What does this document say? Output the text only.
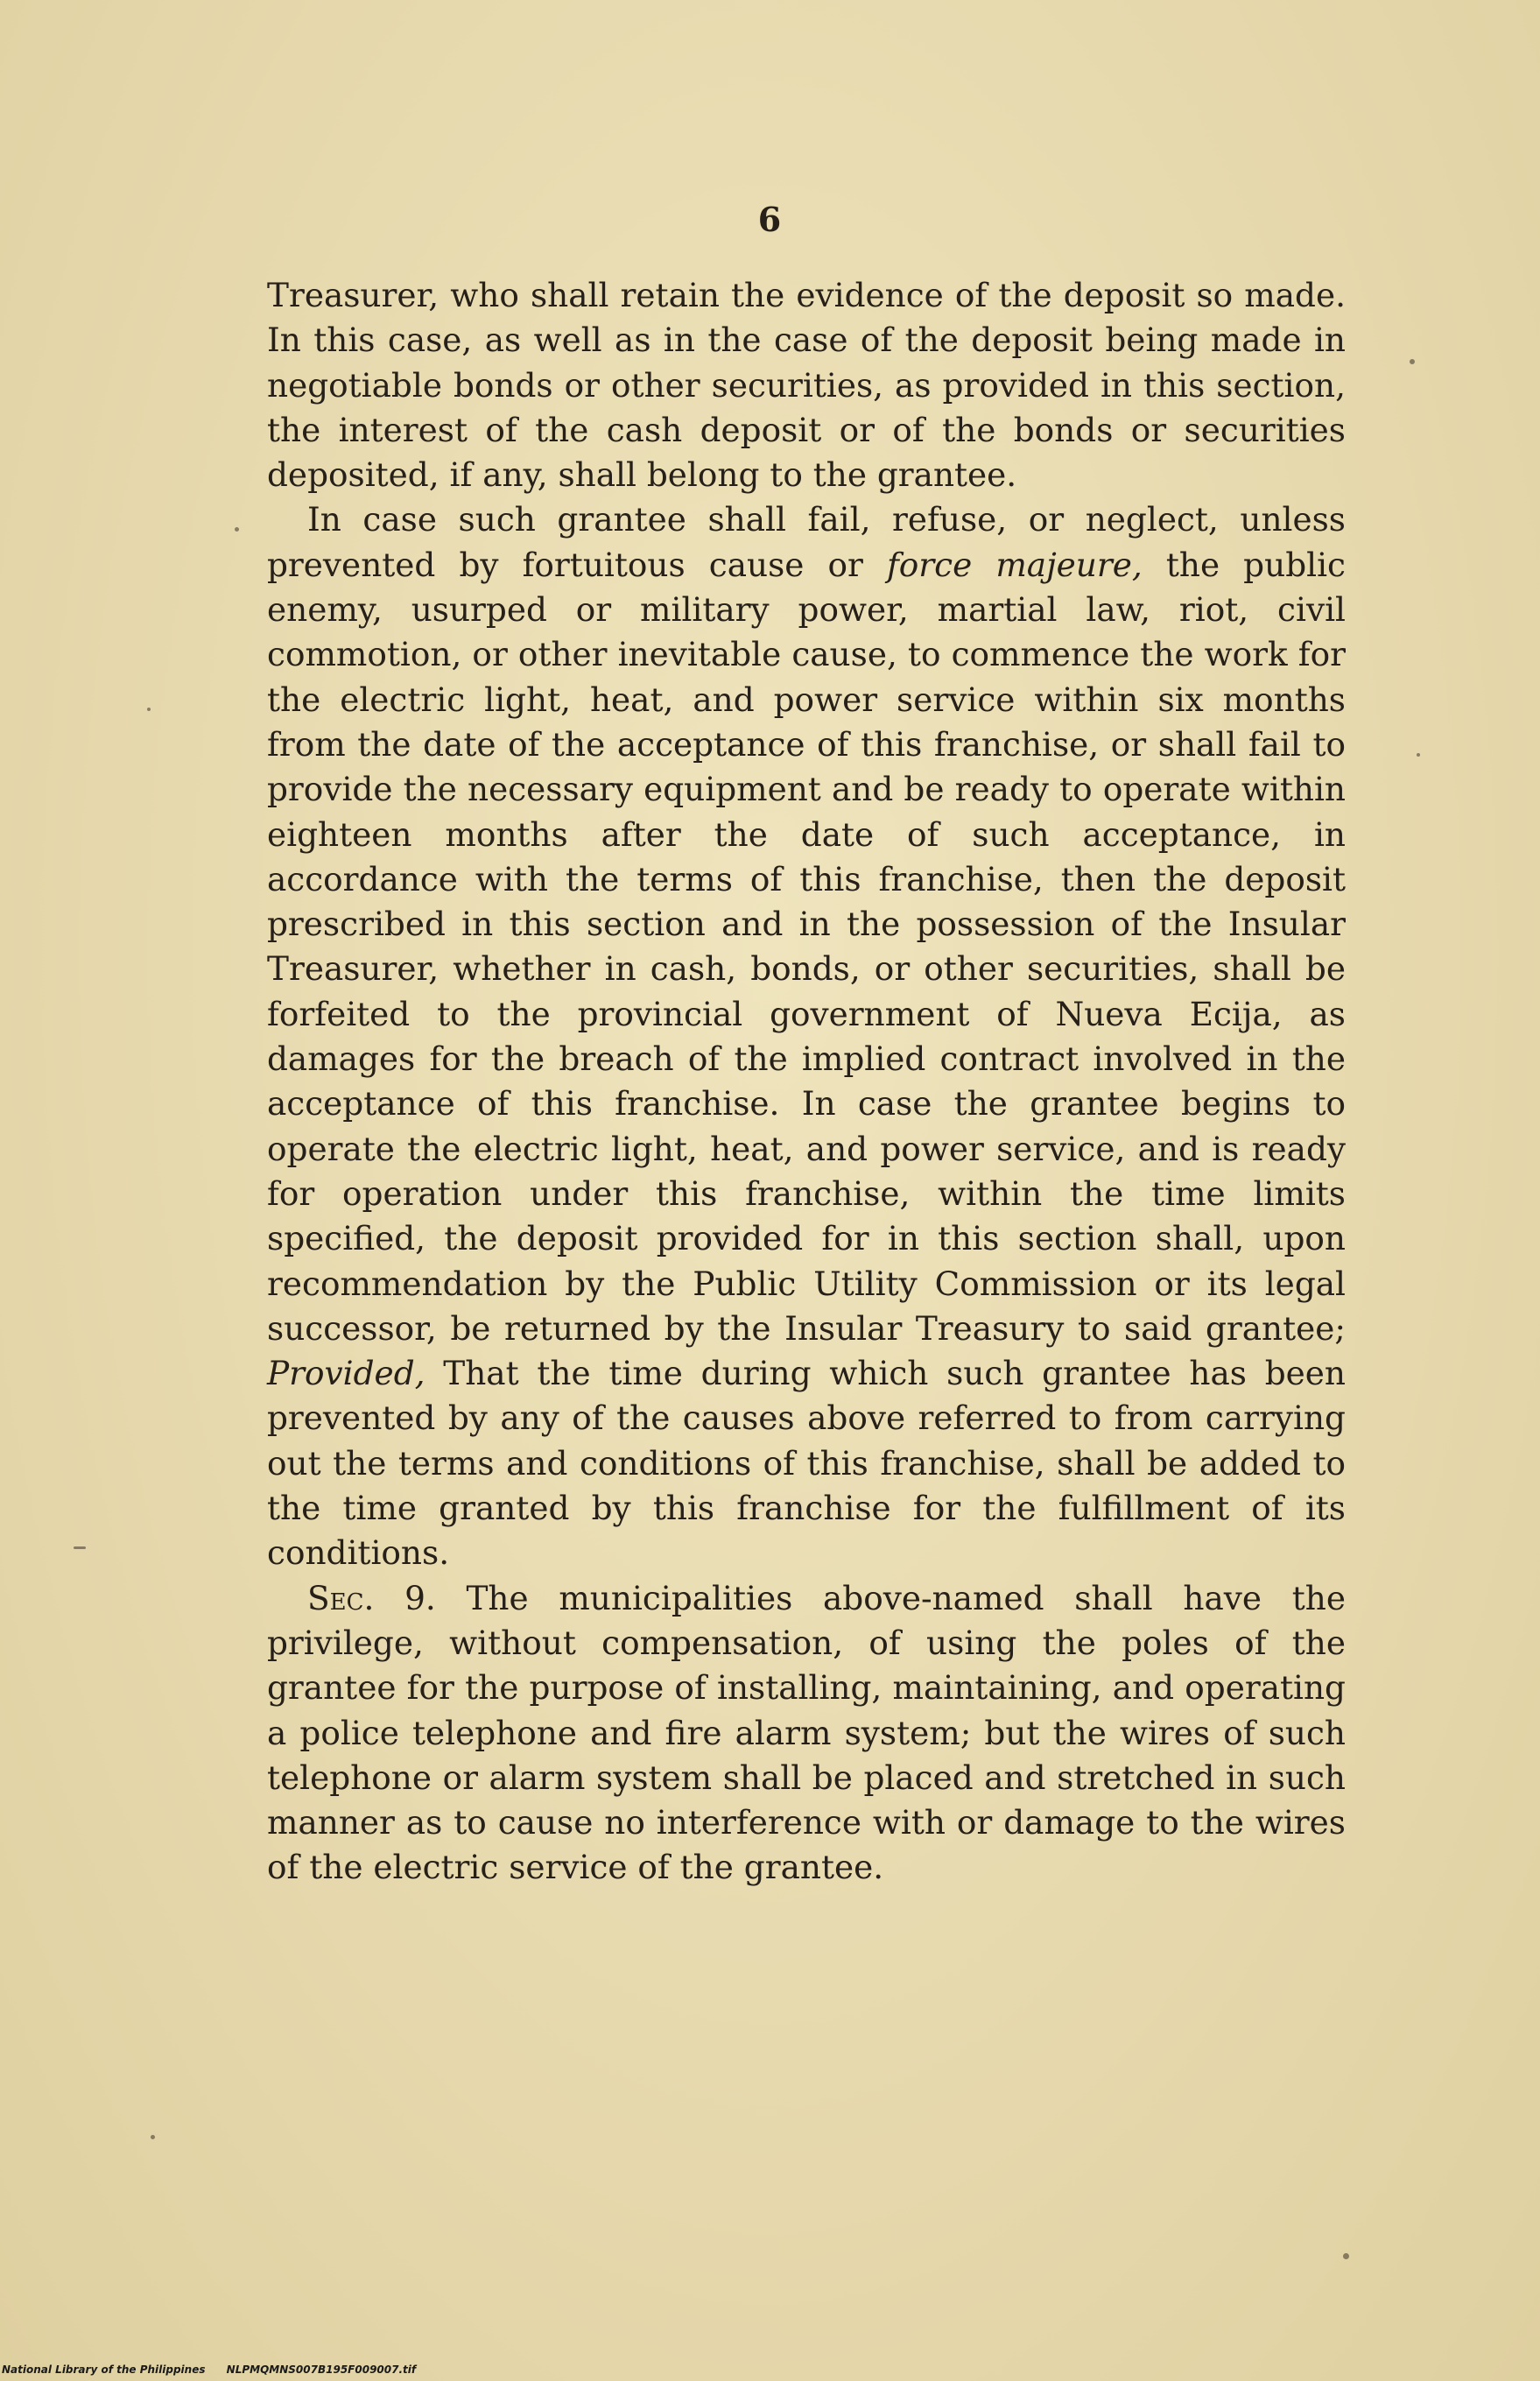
6

Treasurer, who shall retain the evidence of the deposit so made. In this case, as well as in the case of the deposit being made in negotiable bonds or other securities, as provided in this section, the interest of the cash deposit or of the bonds or securities deposited, if any, shall belong to the grantee.

In case such grantee shall fail, refuse, or neglect, unless prevented by fortuitous cause or force majeure, the public enemy, usurped or military power, martial law, riot, civil commotion, or other inevitable cause, to commence the work for the electric light, heat, and power service within six months from the date of the acceptance of this franchise, or shall fail to provide the necessary equipment and be ready to operate within eighteen months after the date of such acceptance, in accordance with the terms of this franchise, then the deposit prescribed in this section and in the possession of the Insular Treasurer, whether in cash, bonds, or other securities, shall be forfeited to the provincial government of Nueva Ecija, as damages for the breach of the implied contract involved in the acceptance of this franchise. In case the grantee begins to operate the electric light, heat, and power service, and is ready for operation under this franchise, within the time limits specified, the deposit provided for in this section shall, upon recommendation by the Public Utility Commission or its legal successor, be returned by the Insular Treasury to said grantee; Provided, That the time during which such grantee has been prevented by any of the causes above referred to from carrying out the terms and conditions of this franchise, shall be added to the time granted by this franchise for the fulfillment of its conditions.

Sec. 9. The municipalities above-named shall have the privilege, without compensation, of using the poles of the grantee for the purpose of installing, maintaining, and operating a police telephone and fire alarm system; but the wires of such telephone or alarm system shall be placed and stretched in such manner as to cause no interference with or damage to the wires of the electric service of the grantee.

National Library of the Philippines NLPMQMNS007B195F009007.tif
